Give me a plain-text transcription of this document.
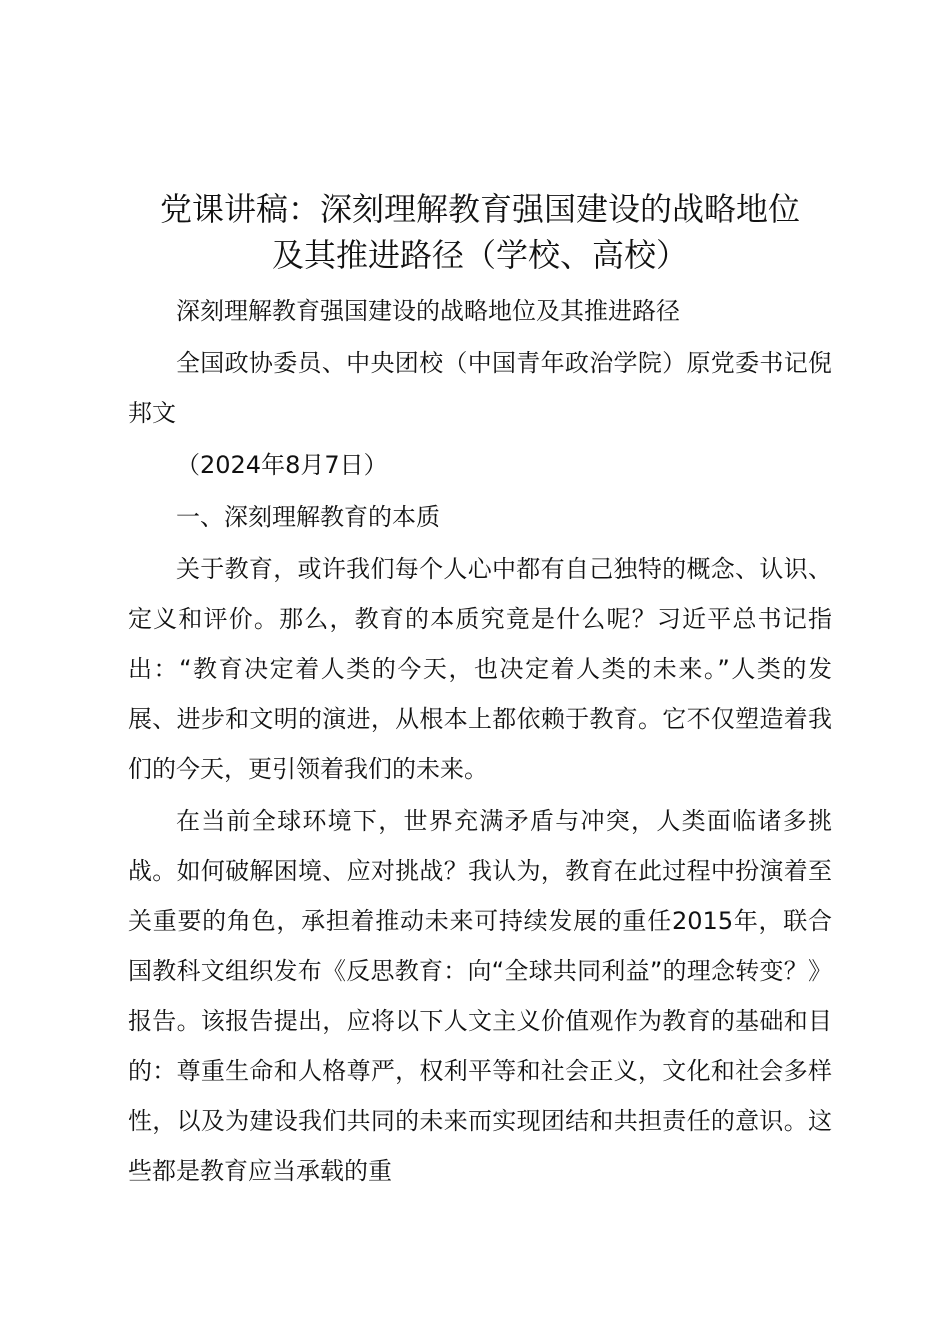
党课讲稿：深刻理解教育强国建设的战略地位
及其推进路径（学校、高校）

深刻理解教育强国建设的战略地位及其推进路径

全国政协委员、中央团校（中国青年政治学院）原党委书记倪邦文

（2024年8月7日）

一、深刻理解教育的本质

关于教育，或许我们每个人心中都有自己独特的概念、认识、定义和评价。那么，教育的本质究竟是什么呢？习近平总书记指出：“教育决定着人类的今天，也决定着人类的未来。”人类的发展、进步和文明的演进，从根本上都依赖于教育。它不仅塑造着我们的今天，更引领着我们的未来。

在当前全球环境下，世界充满矛盾与冲突，人类面临诸多挑战。如何破解困境、应对挑战？我认为，教育在此过程中扮演着至关重要的角色，承担着推动未来可持续发展的重任2015年，联合国教科文组织发布《反思教育：向“全球共同利益”的理念转变？》报告。该报告提出，应将以下人文主义价值观作为教育的基础和目的：尊重生命和人格尊严，权利平等和社会正义，文化和社会多样性，以及为建设我们共同的未来而实现团结和共担责任的意识。这些都是教育应当承载的重
